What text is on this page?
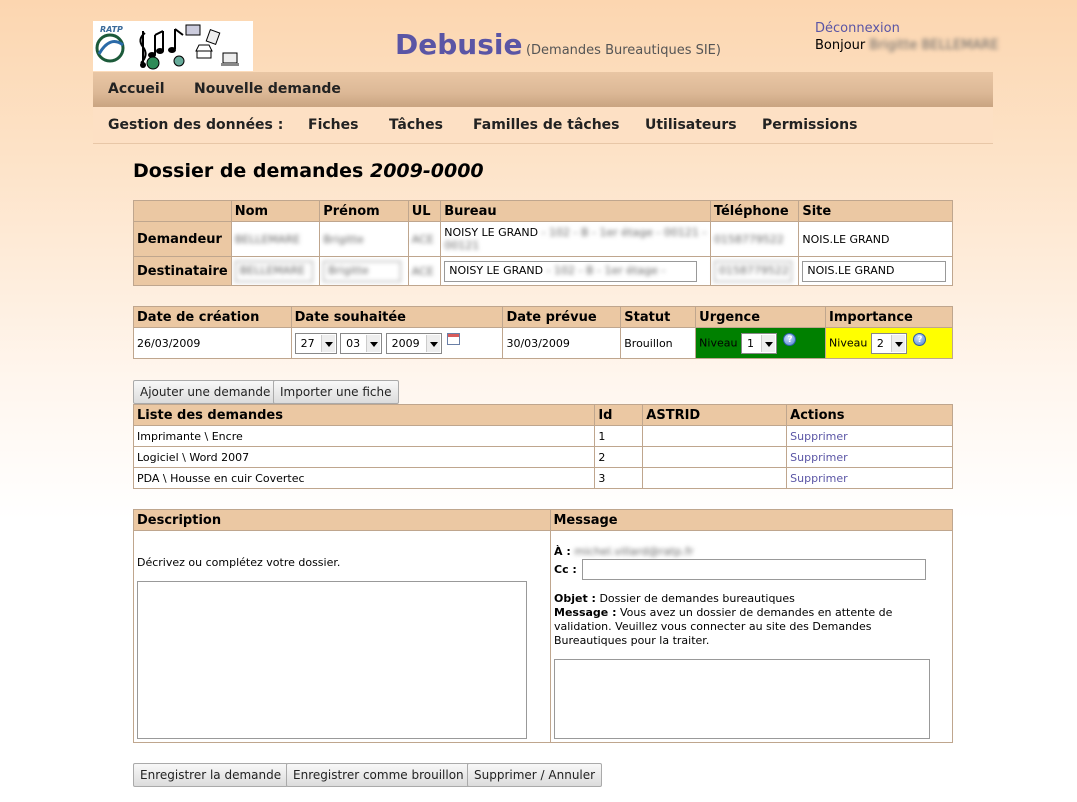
RATP	Debusie (Demandes Bureautiques SIE)
Déconnexion
Bonjour Brigitte BELLEMARE
Accueil Nouvelle demande
Gestion des données : Fiches Tâches Familles de tâches Utilisateurs Permissions
Dossier de demandes 2009-0000
	Nom	Prénom	UL	Bureau	Téléphone	Site
Demandeur	BELLEMARE	Brigitte	ACE	NOISY LE GRAND - 102 - B - 1er étage - 00121 - 00121	0158779522	NOIS.LE GRAND
Destinataire	BELLEMARE	Brigitte	ACE	NOISY LE GRAND - 102 - B - 1er étage -	0158779522	NOIS.LE GRAND
Date de création	Date souhaitée	Date prévue	Statut	Urgence	Importance
26/03/2009	27 03 2009	30/03/2009	Brouillon	Niveau 1 ?	Niveau 2 ?
Ajouter une demande Importer une fiche
Liste des demandes	Id	ASTRID	Actions
Imprimante \ Encre	1		Supprimer
Logiciel \ Word 2007	2		Supprimer
PDA \ Housse en cuir Covertec	3		Supprimer
Description	Message

Décrivez ou complétez votre dossier.
À : michel.villard@ratp.fr
Cc :
Objet : Dossier de demandes bureautiques
Message : Vous avez un dossier de demandes en attente de validation. Veuillez vous connecter au site des Demandes Bureautiques pour la traiter.
Enregistrer la demande Enregistrer comme brouillon Supprimer / Annuler
